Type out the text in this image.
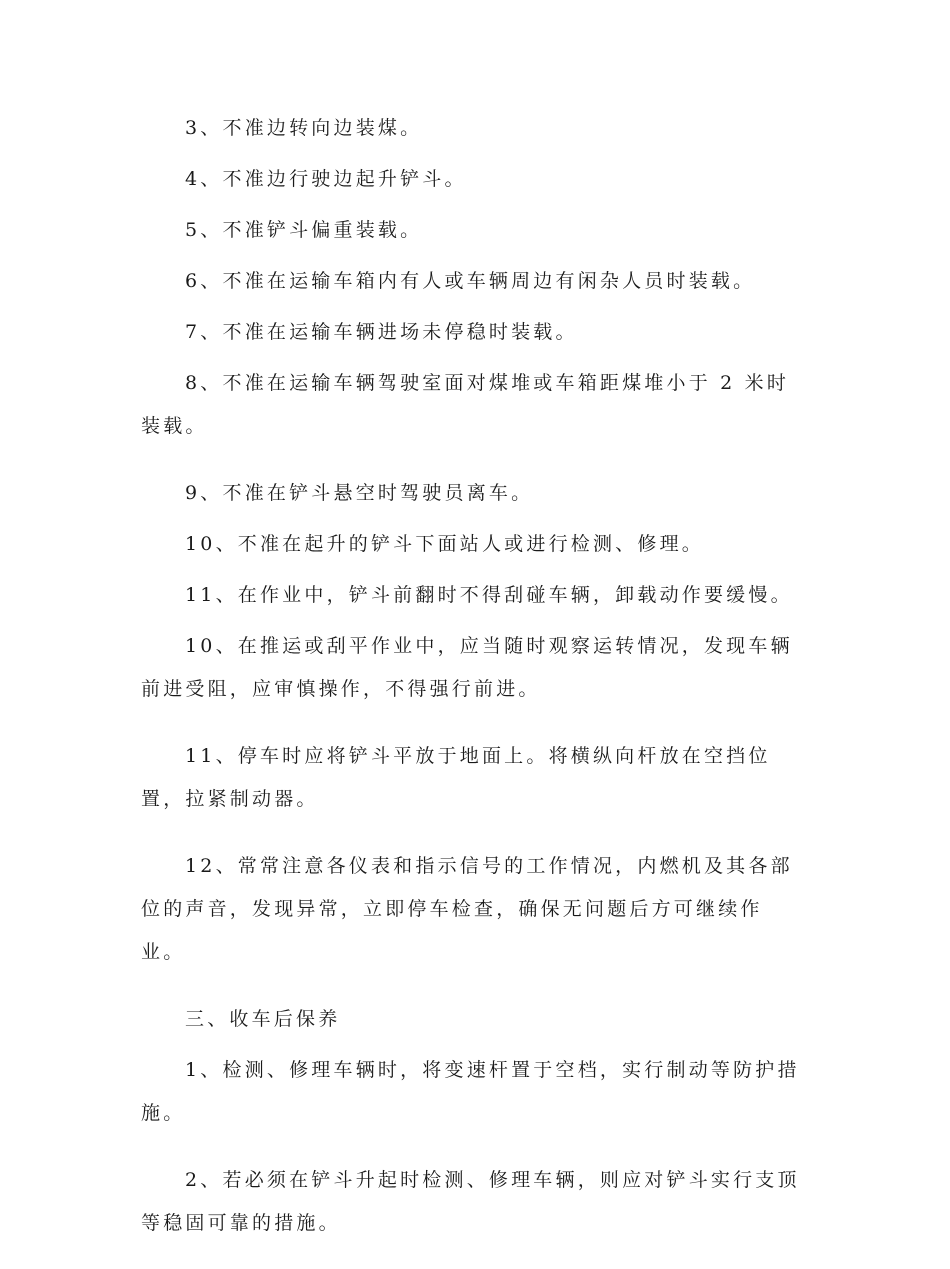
3、不准边转向边装煤。

4、不准边行驶边起升铲斗。

5、不准铲斗偏重装载。

6、不准在运输车箱内有人或车辆周边有闲杂人员时装载。

7、不准在运输车辆进场未停稳时装载。

8、不准在运输车辆驾驶室面对煤堆或车箱距煤堆小于 2 米时装载。

9、不准在铲斗悬空时驾驶员离车。

10、不准在起升的铲斗下面站人或进行检测、修理。

11、在作业中，铲斗前翻时不得刮碰车辆，卸载动作要缓慢。

10、在推运或刮平作业中，应当随时观察运转情况，发现车辆前进受阻，应审慎操作，不得强行前进。

11、停车时应将铲斗平放于地面上。将横纵向杆放在空挡位置，拉紧制动器。

12、常常注意各仪表和指示信号的工作情况，内燃机及其各部位的声音，发现异常，立即停车检查，确保无问题后方可继续作业。

三、收车后保养

1、检测、修理车辆时，将变速杆置于空档，实行制动等防护措施。

2、若必须在铲斗升起时检测、修理车辆，则应对铲斗实行支顶等稳固可靠的措施。
